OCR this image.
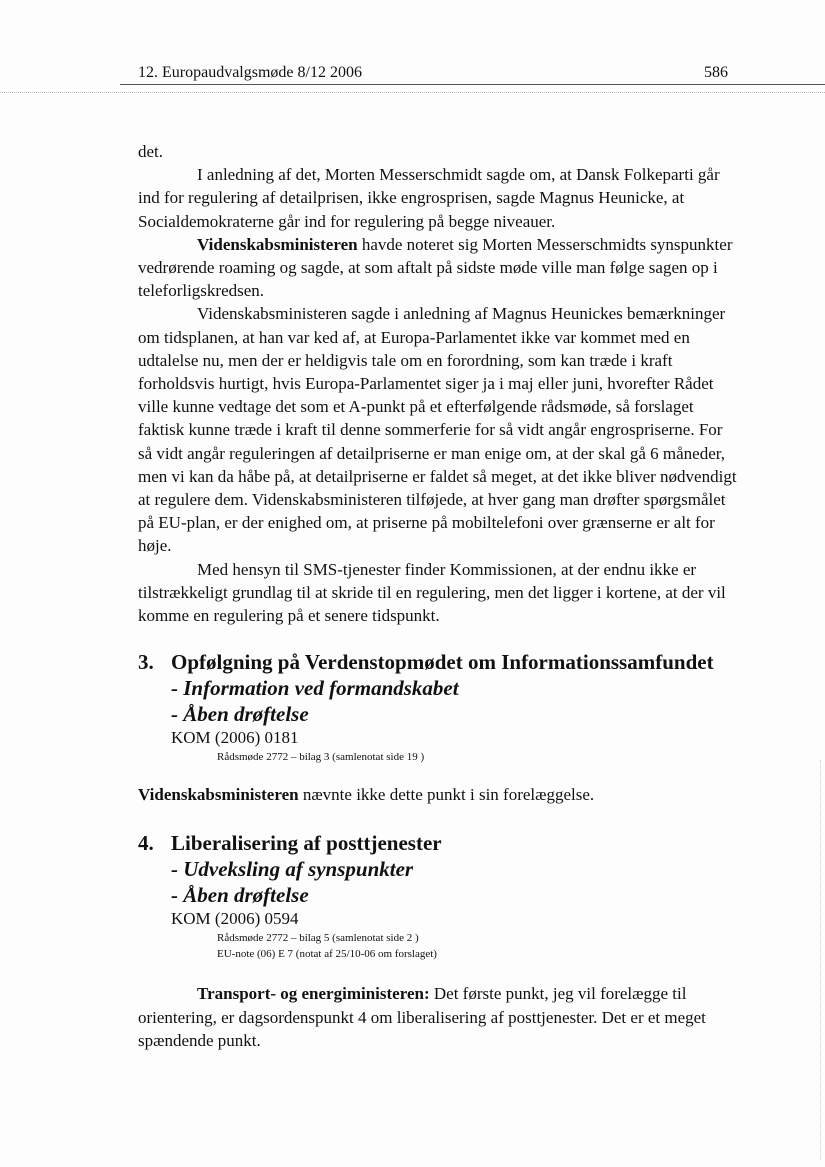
12. Europaudvalgsmøde 8/12 2006	586

det.

I anledning af det, Morten Messerschmidt sagde om, at Dansk Folkeparti går ind for regulering af detailprisen, ikke engrosprisen, sagde Magnus Heunicke, at Socialdemokraterne går ind for regulering på begge niveauer.

Videnskabsministeren havde noteret sig Morten Messerschmidts synspunkter vedrørende roaming og sagde, at som aftalt på sidste møde ville man følge sagen op i teleforligskredsen.

Videnskabsministeren sagde i anledning af Magnus Heunickes bemærkninger om tidsplanen, at han var ked af, at Europa-Parlamentet ikke var kommet med en udtalelse nu, men der er heldigvis tale om en forordning, som kan træde i kraft forholdsvis hurtigt, hvis Europa-Parlamentet siger ja i maj eller juni, hvorefter Rådet ville kunne vedtage det som et A-punkt på et efterfølgende rådsmøde, så forslaget faktisk kunne træde i kraft til denne sommerferie for så vidt angår engrospriserne. For så vidt angår reguleringen af detailpriserne er man enige om, at der skal gå 6 måneder, men vi kan da håbe på, at detailpriserne er faldet så meget, at det ikke bliver nødvendigt at regulere dem. Videnskabsministeren tilføjede, at hver gang man drøfter spørgsmålet på EU-plan, er der enighed om, at priserne på mobiltelefoni over grænserne er alt for høje.

Med hensyn til SMS-tjenester finder Kommissionen, at der endnu ikke er tilstrækkeligt grundlag til at skride til en regulering, men det ligger i kortene, at der vil komme en regulering på et senere tidspunkt.

3. Opfølgning på Verdenstopmødet om Informationssamfundet
- Information ved formandskabet
- Åben drøftelse
KOM (2006) 0181
Rådsmøde 2772 – bilag 3 (samlenotat side 19 )

Videnskabsministeren nævnte ikke dette punkt i sin forelæggelse.

4. Liberalisering af posttjenester
- Udveksling af synspunkter
- Åben drøftelse
KOM (2006) 0594
Rådsmøde 2772 – bilag 5 (samlenotat side 2 )
EU-note (06) E 7 (notat af 25/10-06 om forslaget)

Transport- og energiministeren: Det første punkt, jeg vil forelægge til orientering, er dagsordenspunkt 4 om liberalisering af posttjenester. Det er et meget spændende punkt.
